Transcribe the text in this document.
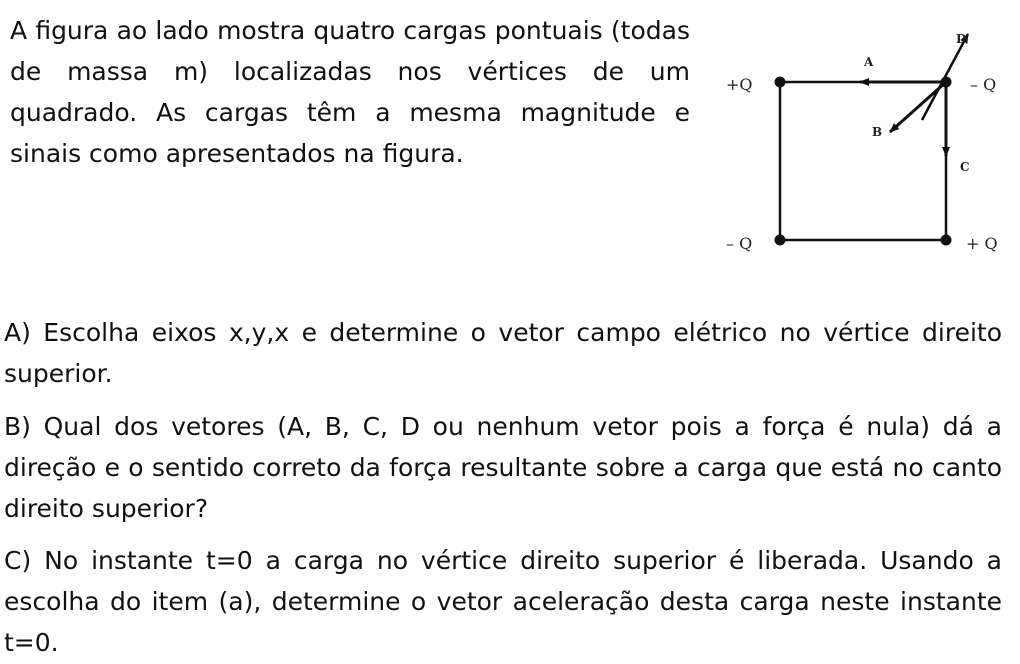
A figura ao lado mostra quatro cargas pontuais (todas de massa m) localizadas nos vértices de um quadrado. As cargas têm a mesma magnitude e sinais como apresentados na figura.

+Q	– Q
– Q	+ Q
A
B
C
D

A) Escolha eixos x,y,x e determine o vetor campo elétrico no vértice direito superior.

B) Qual dos vetores (A, B, C, D ou nenhum vetor pois a força é nula) dá a direção e o sentido correto da força resultante sobre a carga que está no canto direito superior?

C) No instante t=0 a carga no vértice direito superior é liberada. Usando a escolha do item (a), determine o vetor aceleração desta carga neste instante t=0.
